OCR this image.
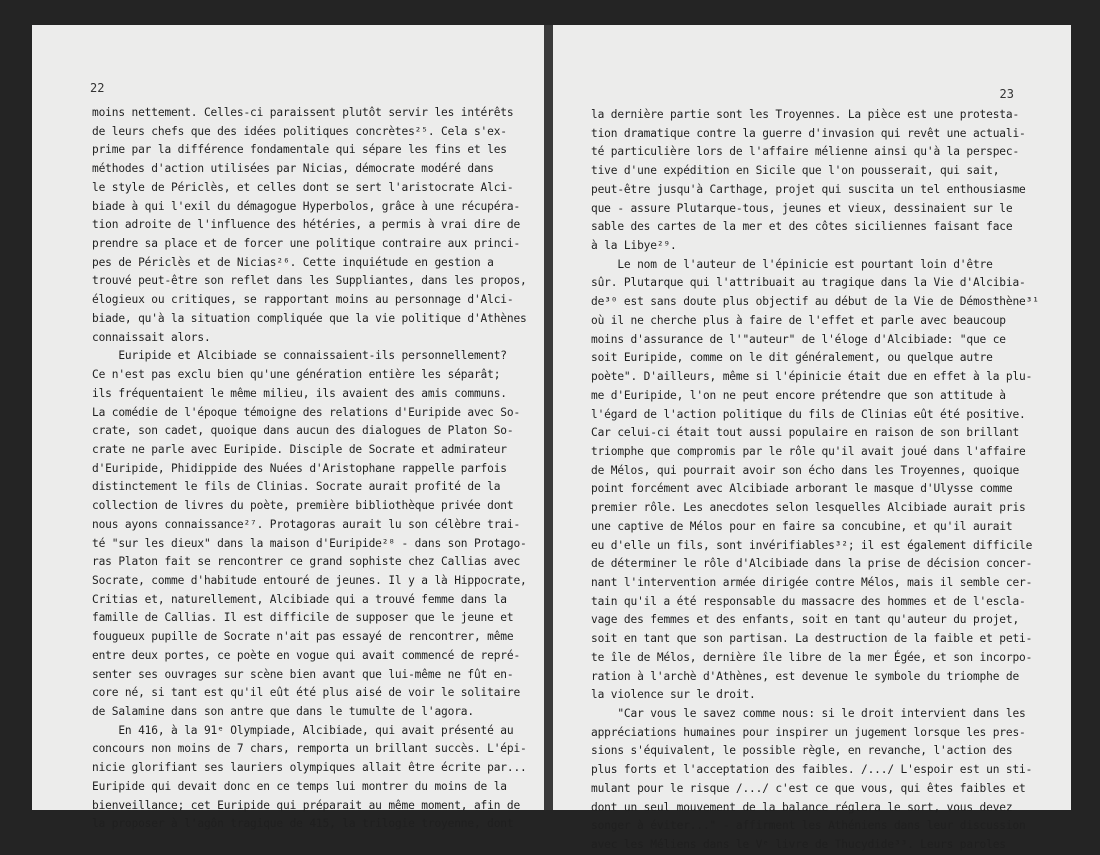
22
moins nettement. Celles-ci paraissent plutôt servir les intérêts
de leurs chefs que des idées politiques concrètes²⁵. Cela s'ex-
prime par la différence fondamentale qui sépare les fins et les
méthodes d'action utilisées par Nicias, démocrate modéré dans
le style de Périclès, et celles dont se sert l'aristocrate Alci-
biade à qui l'exil du démagogue Hyperbolos, grâce à une récupéra-
tion adroite de l'influence des hétéries, a permis à vrai dire de
prendre sa place et de forcer une politique contraire aux princi-
pes de Périclès et de Nicias²⁶. Cette inquiétude en gestion a
trouvé peut-être son reflet dans les Suppliantes, dans les propos,
élogieux ou critiques, se rapportant moins au personnage d'Alci-
biade, qu'à la situation compliquée que la vie politique d'Athènes
connaissait alors.
Euripide et Alcibiade se connaissaient-ils personnellement?
Ce n'est pas exclu bien qu'une génération entière les séparât;
ils fréquentaient le même milieu, ils avaient des amis communs.
La comédie de l'époque témoigne des relations d'Euripide avec So-
crate, son cadet, quoique dans aucun des dialogues de Platon So-
crate ne parle avec Euripide. Disciple de Socrate et admirateur
d'Euripide, Phidippide des Nuées d'Aristophane rappelle parfois
distinctement le fils de Clinias. Socrate aurait profité de la
collection de livres du poète, première bibliothèque privée dont
nous ayons connaissance²⁷. Protagoras aurait lu son célèbre trai-
té "sur les dieux" dans la maison d'Euripide²⁸ - dans son Protago-
ras Platon fait se rencontrer ce grand sophiste chez Callias avec
Socrate, comme d'habitude entouré de jeunes. Il y a là Hippocrate,
Critias et, naturellement, Alcibiade qui a trouvé femme dans la
famille de Callias. Il est difficile de supposer que le jeune et
fougueux pupille de Socrate n'ait pas essayé de rencontrer, même
entre deux portes, ce poète en vogue qui avait commencé de repré-
senter ses ouvrages sur scène bien avant que lui-même ne fût en-
core né, si tant est qu'il eût été plus aisé de voir le solitaire
de Salamine dans son antre que dans le tumulte de l'agora.
En 416, à la 91ᵉ Olympiade, Alcibiade, qui avait présenté au
concours non moins de 7 chars, remporta un brillant succès. L'épi-
nicie glorifiant ses lauriers olympiques allait être écrite par...
Euripide qui devait donc en ce temps lui montrer du moins de la
bienveillance; cet Euripide qui préparait au même moment, afin de
la proposer à l'agôn tragique de 415, la trilogie troyenne, dont
23
la dernière partie sont les Troyennes. La pièce est une protesta-
tion dramatique contre la guerre d'invasion qui revêt une actuali-
té particulière lors de l'affaire mélienne ainsi qu'à la perspec-
tive d'une expédition en Sicile que l'on pousserait, qui sait,
peut-être jusqu'à Carthage, projet qui suscita un tel enthousiasme
que - assure Plutarque-tous, jeunes et vieux, dessinaient sur le
sable des cartes de la mer et des côtes siciliennes faisant face
à la Libye²⁹.
Le nom de l'auteur de l'épinicie est pourtant loin d'être
sûr. Plutarque qui l'attribuait au tragique dans la Vie d'Alcibia-
de³⁰ est sans doute plus objectif au début de la Vie de Démosthène³¹
où il ne cherche plus à faire de l'effet et parle avec beaucoup
moins d'assurance de l'"auteur" de l'éloge d'Alcibiade: "que ce
soit Euripide, comme on le dit généralement, ou quelque autre
poète". D'ailleurs, même si l'épinicie était due en effet à la plu-
me d'Euripide, l'on ne peut encore prétendre que son attitude à
l'égard de l'action politique du fils de Clinias eût été positive.
Car celui-ci était tout aussi populaire en raison de son brillant
triomphe que compromis par le rôle qu'il avait joué dans l'affaire
de Mélos, qui pourrait avoir son écho dans les Troyennes, quoique
point forcément avec Alcibiade arborant le masque d'Ulysse comme
premier rôle. Les anecdotes selon lesquelles Alcibiade aurait pris
une captive de Mélos pour en faire sa concubine, et qu'il aurait
eu d'elle un fils, sont invérifiables³²; il est également difficile
de déterminer le rôle d'Alcibiade dans la prise de décision concer-
nant l'intervention armée dirigée contre Mélos, mais il semble cer-
tain qu'il a été responsable du massacre des hommes et de l'escla-
vage des femmes et des enfants, soit en tant qu'auteur du projet,
soit en tant que son partisan. La destruction de la faible et peti-
te île de Mélos, dernière île libre de la mer Égée, et son incorpo-
ration à l'archè d'Athènes, est devenue le symbole du triomphe de
la violence sur le droit.
"Car vous le savez comme nous: si le droit intervient dans les
appréciations humaines pour inspirer un jugement lorsque les pres-
sions s'équivalent, le possible règle, en revanche, l'action des
plus forts et l'acceptation des faibles. /.../ L'espoir est un sti-
mulant pour le risque /.../ c'est ce que vous, qui êtes faibles et
dont un seul mouvement de la balance réglera le sort, vous devez
songer à éviter..." - affirment les Athéniens dans leur discussion
avec les Méliens dans le Vᵉ livre de Thucydide³³. Leurs paroles
